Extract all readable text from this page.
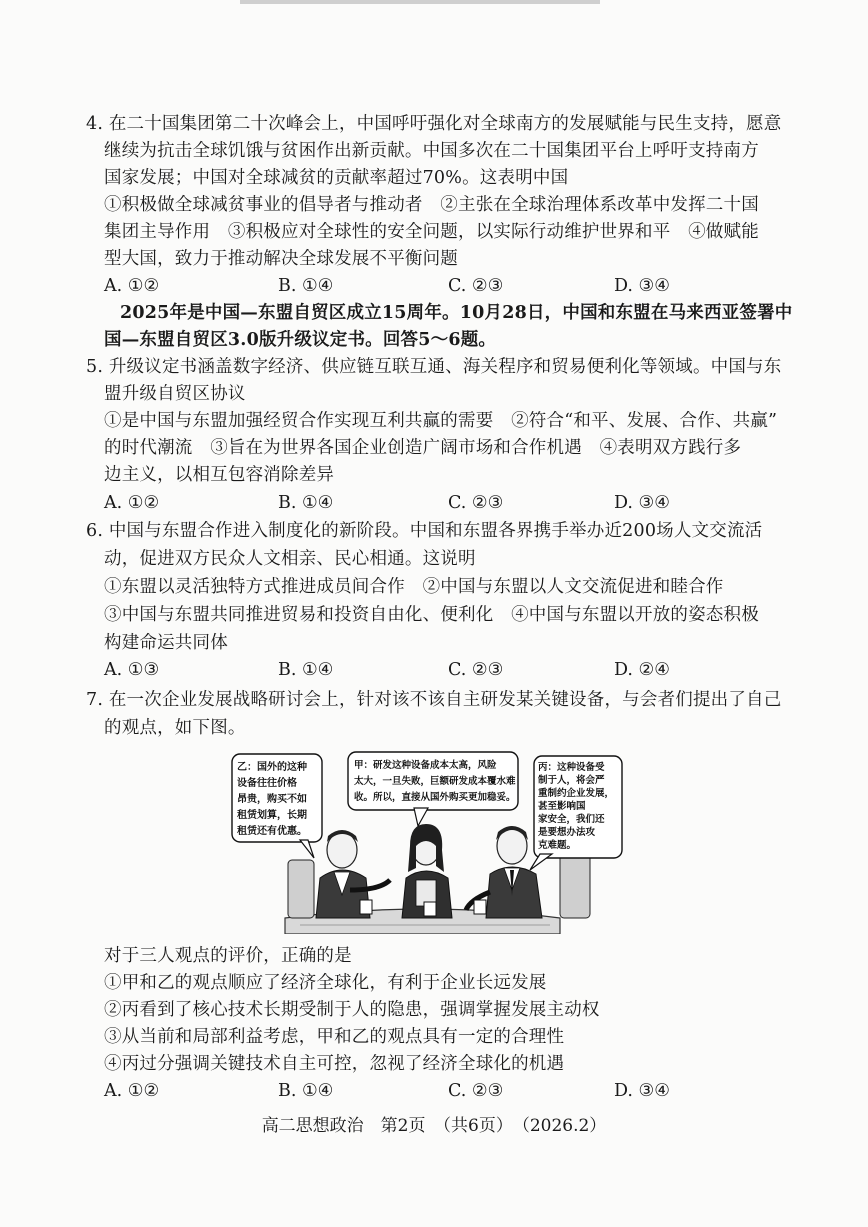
4. 在二十国集团第二十次峰会上，中国呼吁强化对全球南方的发展赋能与民生支持，愿意
继续为抗击全球饥饿与贫困作出新贡献。中国多次在二十国集团平台上呼吁支持南方
国家发展；中国对全球减贫的贡献率超过70%。这表明中国
①积极做全球减贫事业的倡导者与推动者　②主张在全球治理体系改革中发挥二十国
集团主导作用　③积极应对全球性的安全问题，以实际行动维护世界和平　④做赋能
型大国，致力于推动解决全球发展不平衡问题
A. ①②	B. ①④	C. ②③	D. ③④
2025年是中国—东盟自贸区成立15周年。10月28日，中国和东盟在马来西亚签署中
国—东盟自贸区3.0版升级议定书。回答5～6题。
5. 升级议定书涵盖数字经济、供应链互联互通、海关程序和贸易便利化等领域。中国与东
盟升级自贸区协议
①是中国与东盟加强经贸合作实现互利共赢的需要　②符合“和平、发展、合作、共赢”
的时代潮流　③旨在为世界各国企业创造广阔市场和合作机遇　④表明双方践行多
边主义，以相互包容消除差异
A. ①②	B. ①④	C. ②③	D. ③④
6. 中国与东盟合作进入制度化的新阶段。中国和东盟各界携手举办近200场人文交流活
动，促进双方民众人文相亲、民心相通。这说明
①东盟以灵活独特方式推进成员间合作　②中国与东盟以人文交流促进和睦合作
③中国与东盟共同推进贸易和投资自由化、便利化　④中国与东盟以开放的姿态积极
构建命运共同体
A. ①③	B. ①④	C. ②③	D. ②④
7. 在一次企业发展战略研讨会上，针对该不该自主研发某关键设备，与会者们提出了自己
的观点，如下图。
乙：国外的这种
设备往往价格
昂贵，购买不如
租赁划算，长期
租赁还有优惠。
甲：研发这种设备成本太高，风险
太大，一旦失败，巨额研发成本覆水难
收。所以，直接从国外购买更加稳妥。
丙：这种设备受
制于人，将会严
重制约企业发展，
甚至影响国
家安全，我们还
是要想办法攻
克难题。
对于三人观点的评价，正确的是
①甲和乙的观点顺应了经济全球化，有利于企业长远发展
②丙看到了核心技术长期受制于人的隐患，强调掌握发展主动权
③从当前和局部利益考虑，甲和乙的观点具有一定的合理性
④丙过分强调关键技术自主可控，忽视了经济全球化的机遇
A. ①②	B. ①④	C. ②③	D. ③④
高二思想政治　第2页　（共6页）　（2026.2）
